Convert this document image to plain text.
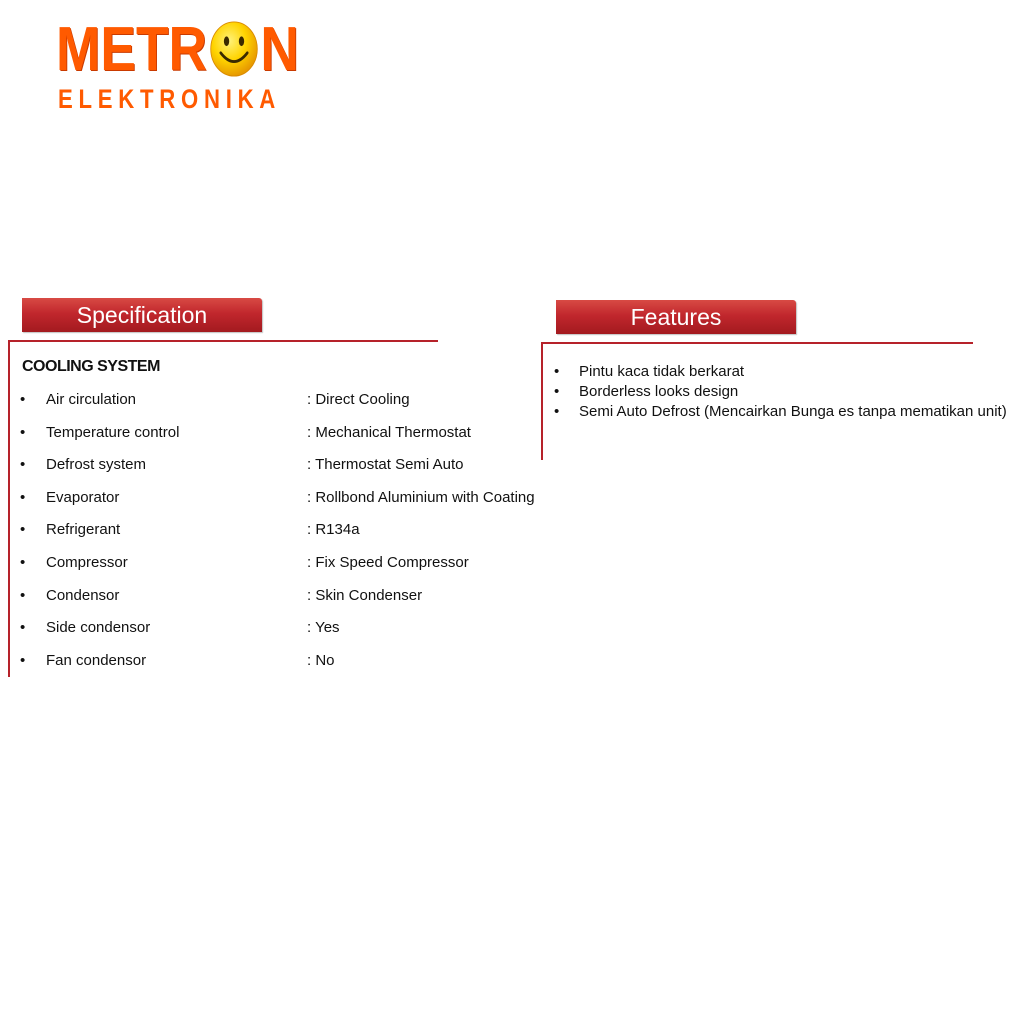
METR N
ELEKTRONIKA
Specification
COOLING SYSTEM
• Air circulation	: Direct Cooling
• Temperature control	: Mechanical Thermostat
• Defrost system	: Thermostat Semi Auto
• Evaporator	: Rollbond Aluminium with Coating
• Refrigerant	: R134a
• Compressor	: Fix Speed Compressor
• Condensor	: Skin Condenser
• Side condensor	: Yes
• Fan condensor	: No
Features
• Pintu kaca tidak berkarat
• Borderless looks design
• Semi Auto Defrost (Mencairkan Bunga es tanpa mematikan unit)
